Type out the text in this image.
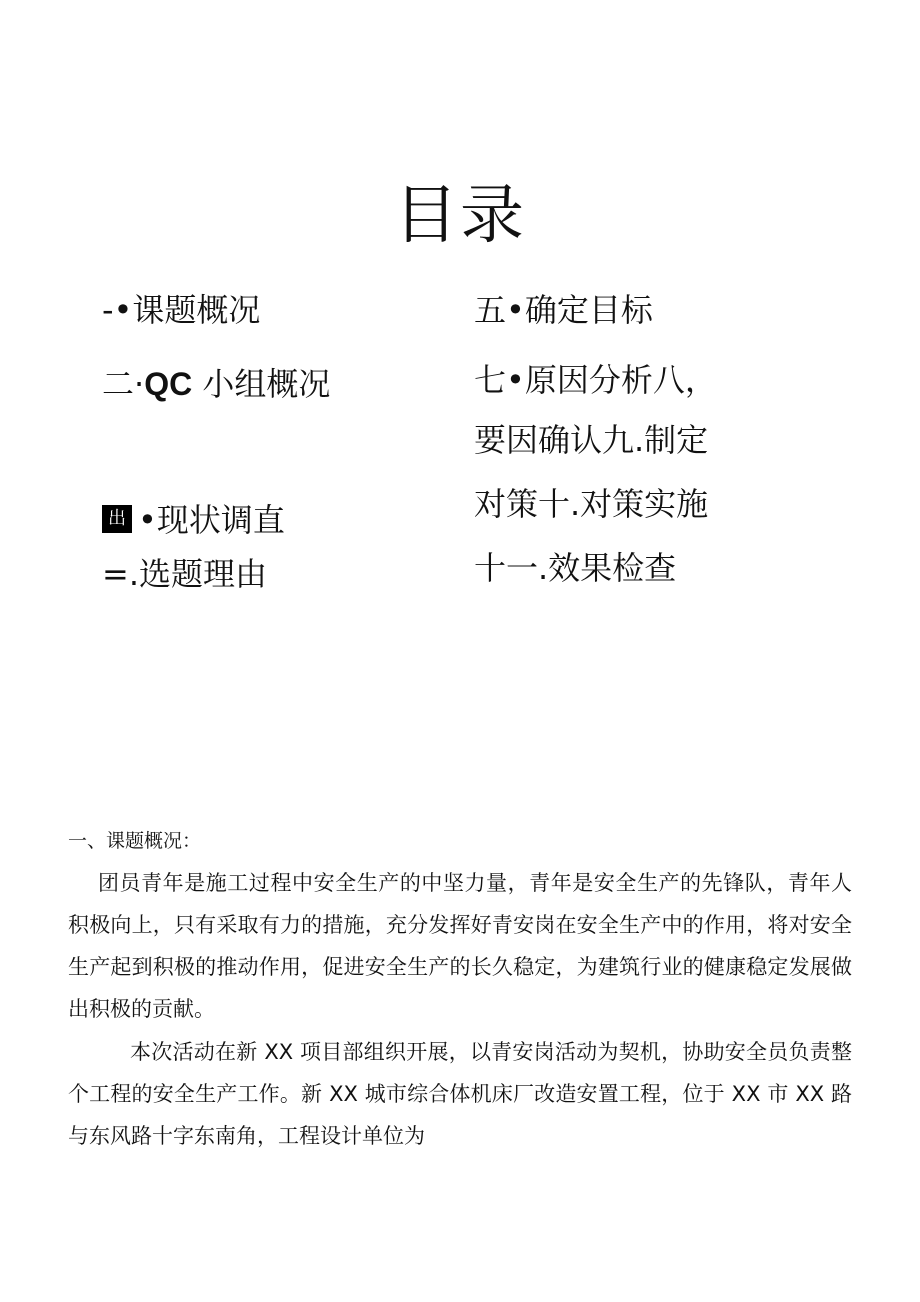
目录
-•课题概况
二·QC 小组概况
出 •现状调直
=.选题理由
五•确定目标
七•原因分析八，
要因确认九.制定
对策十.对策实施
十一.效果检查
一、课题概况：
团员青年是施工过程中安全生产的中坚力量，青年是安全生产的先锋队，青年人积极向上，只有采取有力的措施，充分发挥好青安岗在安全生产中的作用，将对安全生产起到积极的推动作用，促进安全生产的长久稳定，为建筑行业的健康稳定发展做出积极的贡献。
本次活动在新 XX 项目部组织开展，以青安岗活动为契机，协助安全员负责整个工程的安全生产工作。新 XX 城市综合体机床厂改造安置工程，位于 XX 市 XX 路与东风路十字东南角，工程设计单位为
